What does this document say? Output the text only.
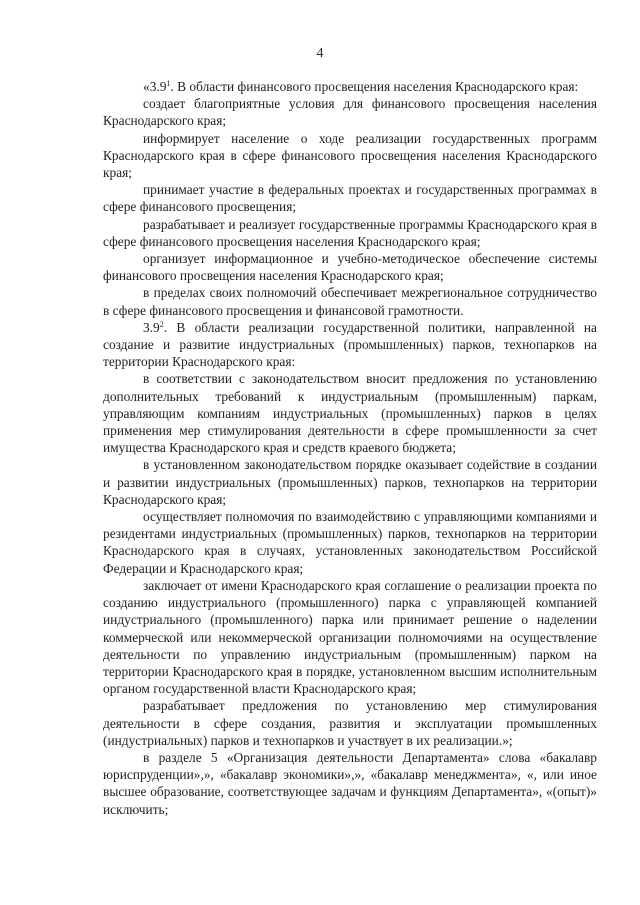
4

«$3.9^1$. В области финансового просвещения населения Краснодарского края:

создает благоприятные условия для финансового просвещения населения Краснодарского края;

информирует население о ходе реализации государственных программ Краснодарского края в сфере финансового просвещения населения Краснодарского края;

принимает участие в федеральных проектах и государственных программах в сфере финансового просвещения;

разрабатывает и реализует государственные программы Краснодарского края в сфере финансового просвещения населения Краснодарского края;

организует информационное и учебно-методическое обеспечение системы финансового просвещения населения Краснодарского края;

в пределах своих полномочий обеспечивает межрегиональное сотрудничество в сфере финансового просвещения и финансовой грамотности.

$3.9^2$. В области реализации государственной политики, направленной на создание и развитие индустриальных (промышленных) парков, технопарков на территории Краснодарского края:

в соответствии с законодательством вносит предложения по установлению дополнительных требований к индустриальным (промышленным) паркам, управляющим компаниям индустриальных (промышленных) парков в целях применения мер стимулирования деятельности в сфере промышленности за счет имущества Краснодарского края и средств краевого бюджета;

в установленном законодательством порядке оказывает содействие в создании и развитии индустриальных (промышленных) парков, технопарков на территории Краснодарского края;

осуществляет полномочия по взаимодействию с управляющими компаниями и резидентами индустриальных (промышленных) парков, технопарков на территории Краснодарского края в случаях, установленных законодательством Российской Федерации и Краснодарского края;

заключает от имени Краснодарского края соглашение о реализации проекта по созданию индустриального (промышленного) парка с управляющей компанией индустриального (промышленного) парка или принимает решение о наделении коммерческой или некоммерческой организации полномочиями на осуществление деятельности по управлению индустриальным (промышленным) парком на территории Краснодарского края в порядке, установленном высшим исполнительным органом государственной власти Краснодарского края;

разрабатывает предложения по установлению мер стимулирования деятельности в сфере создания, развития и эксплуатации промышленных (индустриальных) парков и технопарков и участвует в их реализации.»;

в разделе 5 «Организация деятельности Департамента» слова «бакалавр юриспруденции»,», «бакалавр экономики»,», «бакалавр менеджмента», «, или иное высшее образование, соответствующее задачам и функциям Департамента», «(опыт)» исключить;
